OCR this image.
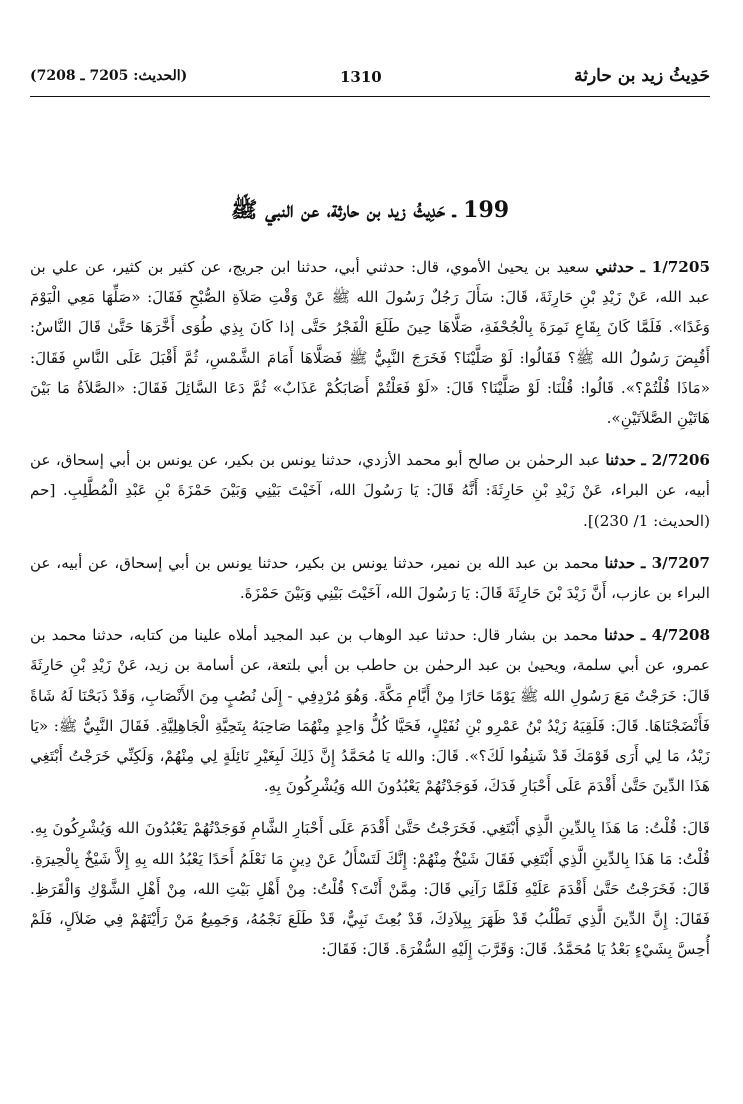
حَدِيثُ زيد بن حارثة
1310
(الحديث: 7205 ـ 7208)
199 ـ حَدِيثُ زيد بن حارثة، عن النبي ﷺ

1/7205 ـ حدثني سعيد بن يحيىٰ الأموي، قال: حدثني أبي، حدثنا ابن جريج، عن كثير بن كثير، عن علي بن عبد الله، عَنْ زَيْدِ بْنِ حَارِثَةَ، قَالَ: سَأَلَ رَجُلٌ رَسُولَ الله ﷺ عَنْ وَقْتِ صَلاَةِ الصُّبْحِ فَقَالَ: «صَلِّهَا مَعِي الْيَوْمَ وَغَدًا». فَلَمَّا كَانَ بِقَاعِ نَمِرَةَ بِالْجُحْفَةِ، صَلَّاهَا حِينَ طَلَعَ الْفَجْرُ حَتَّى إذا كَانَ بِذِي طُوَى أَخَّرَهَا حَتَّىٰ قَالَ النَّاسُ: أَقُبِضَ رَسُولُ الله ﷺ؟ فَقَالُوا: لَوْ صَلَّيْنَا؟ فَخَرَجَ النَّبِيُّ ﷺ فَصَلَّاهَا أَمَامَ الشَّمْسِ، ثُمَّ أَقْبَلَ عَلَى النَّاسِ فَقَالَ: «مَاذَا قُلْتُمْ؟». قَالُوا: قُلْنَا: لَوْ صَلَّيْنَا؟ قَالَ: «لَوْ فَعَلْتُمْ أَصَابَكُمْ عَذَابٌ» ثُمَّ دَعَا السَّائِلَ فَقَالَ: «الصَّلاَةُ مَا بَيْنَ هَاتَيْنِ الصَّلاَتَيْنِ».

2/7206 ـ حدثنا عبد الرحمٰن بن صالح أبو محمد الأزدي، حدثنا يونس بن بكير، عن يونس بن أبي إسحاق، عن أبيه، عن البراء، عَنْ زَيْدِ بْنِ حَارِثَةَ: أَنَّهُ قَالَ: يَا رَسُولَ الله، آخَيْتَ بَيْنِي وَبَيْنَ حَمْزَةَ بْنِ عَبْدِ الْمُطَّلِبِ. [حم (الحديث: 1/ 230)].

3/7207 ـ حدثنا محمد بن عبد الله بن نمير، حدثنا يونس بن بكير، حدثنا يونس بن أبي إسحاق، عن أبيه، عن البراء بن عازب، أَنَّ زَيْدَ بْنَ حَارِثَةَ قَالَ: يَا رَسُولَ الله، آخَيْتَ بَيْنِي وَبَيْنَ حَمْزَةَ.

4/7208 ـ حدثنا محمد بن بشار قال: حدثنا عبد الوهاب بن عبد المجيد أملاه علينا من كتابه، حدثنا محمد بن عمرو، عن أبي سلمة، ويحيىٰ بن عبد الرحمٰن بن حاطب بن أبي بلتعة، عن أسامة بن زيد، عَنْ زَيْدِ بْنِ حَارِثَةَ قَالَ: خَرَجْتُ مَعَ رَسُولِ الله ﷺ يَوْمًا حَارًا مِنْ أَيَّامِ مَكَّةَ. وَهُوَ مُرْدِفِي - إِلَىٰ نُصُبٍ مِنَ الأَنْصَابِ، وَقَدْ ذَبَحْنَا لَهُ شَاةً فَأَنْضَجْنَاهَا. قَالَ: فَلَقِيَهُ زَيْدُ بْنُ عَمْرِو بْنِ نُفَيْلٍ، فَحَيَّا كُلُّ وَاحِدٍ مِنْهُمَا صَاحِبَهُ بِتَحِيَّةِ الْجَاهِلِيَّةِ. فَقَالَ النَّبِيُّ ﷺ: «يَا زَيْدُ، مَا لِي أَرَى قَوْمَكَ قَدْ شَنِفُوا لَكَ؟». قَالَ: والله يَا مُحَمَّدُ إِنَّ ذَلِكَ لَبِغَيْرِ نَائِلَةٍ لِي مِنْهُمْ، وَلَكِنِّي خَرَجْتُ أَبْتَغِي هَذَا الدِّينَ حَتَّىٰ أَقْدَمَ عَلَى أَحْبَارِ فَدَكَ، فَوَجَدْتُهُمْ يَعْبُدُونَ الله وَيُشْرِكُونَ بِهِ.

قَالَ: قُلْتُ: مَا هَذَا بِالدِّينِ الَّذِي أَبْتَغِي. فَخَرَجْتُ حَتَّىٰ أَقْدَمَ عَلَى أَحْبَارِ الشَّامِ فَوَجَدْتُهُمْ يَعْبُدُونَ الله وَيُشْرِكُونَ بِهِ. قُلْتُ: مَا هَذَا بِالدِّينِ الَّذِي أَبْتَغِي فَقَالَ شَيْخٌ مِنْهُمْ: إِنَّكَ لَتَسْأَلُ عَنْ دِينٍ مَا نَعْلَمُ أَحَدًا يَعْبُدُ الله بِهِ إِلاَّ شَيْخٌ بِالْحِيرَةِ. قَالَ: فَخَرَجْتُ حَتَّىٰ أَقْدَمَ عَلَيْهِ فَلَمَّا رَآنِي قَالَ: مِمَّنْ أَنْتَ؟ قُلْتُ: مِنْ أَهْلِ بَيْتِ الله، مِنْ أَهْلِ الشَّوْكِ وَالْقَرَظِ. فَقَالَ: إِنَّ الدِّينَ الَّذِي تَطْلُبُ قَدْ ظَهَرَ بِبِلاَدِكَ، قَدْ بُعِثَ نَبِيٌّ، قَدْ طَلَعَ نَجْمُهُ، وَجَمِيعُ مَنْ رَأَيْتَهُمْ فِي ضَلاَلٍ، فَلَمْ أُحِسَّ بِشَيْءٍ بَعْدُ يَا مُحَمَّدُ. قَالَ: وَقَرَّبَ إِلَيْهِ السُّفْرَةَ. قَالَ: فَقَالَ:
